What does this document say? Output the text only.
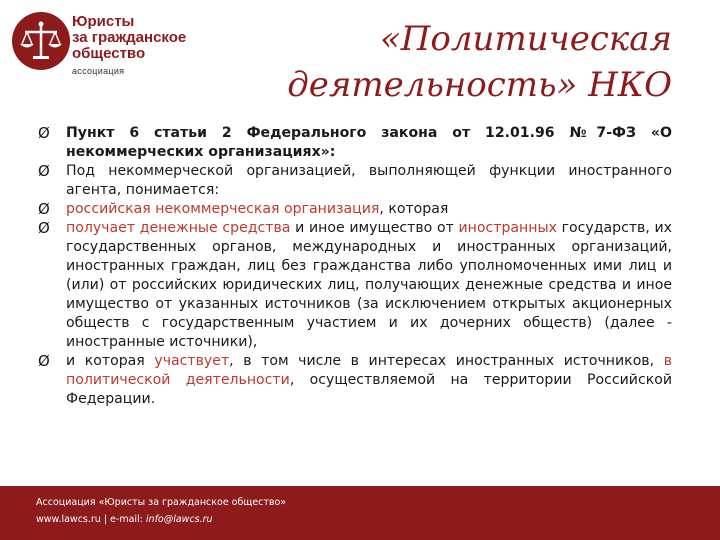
Юристы
за гражданское
общество
ассоциация
«Политическая
деятельность» НКО
Ø Пункт 6 статьи 2 Федерального закона от 12.01.96 №7-ФЗ «О некоммерческих организациях»:
Ø Под некоммерческой организацией, выполняющей функции иностранного агента, понимается:
Ø российская некоммерческая организация, которая
Ø получает денежные средства и иное имущество от иностранных государств, их государственных органов, международных и иностранных организаций, иностранных граждан, лиц без гражданства либо уполномоченных ими лиц и (или) от российских юридических лиц, получающих денежные средства и иное имущество от указанных источников (за исключением открытых акционерных обществ с государственным участием и их дочерних обществ) (далее - иностранные источники),
Ø и которая участвует, в том числе в интересах иностранных источников, в политической деятельности, осуществляемой на территории Российской Федерации.
Ассоциация «Юристы за гражданское общество»
www.lawcs.ru | e-mail: info@lawcs.ru
